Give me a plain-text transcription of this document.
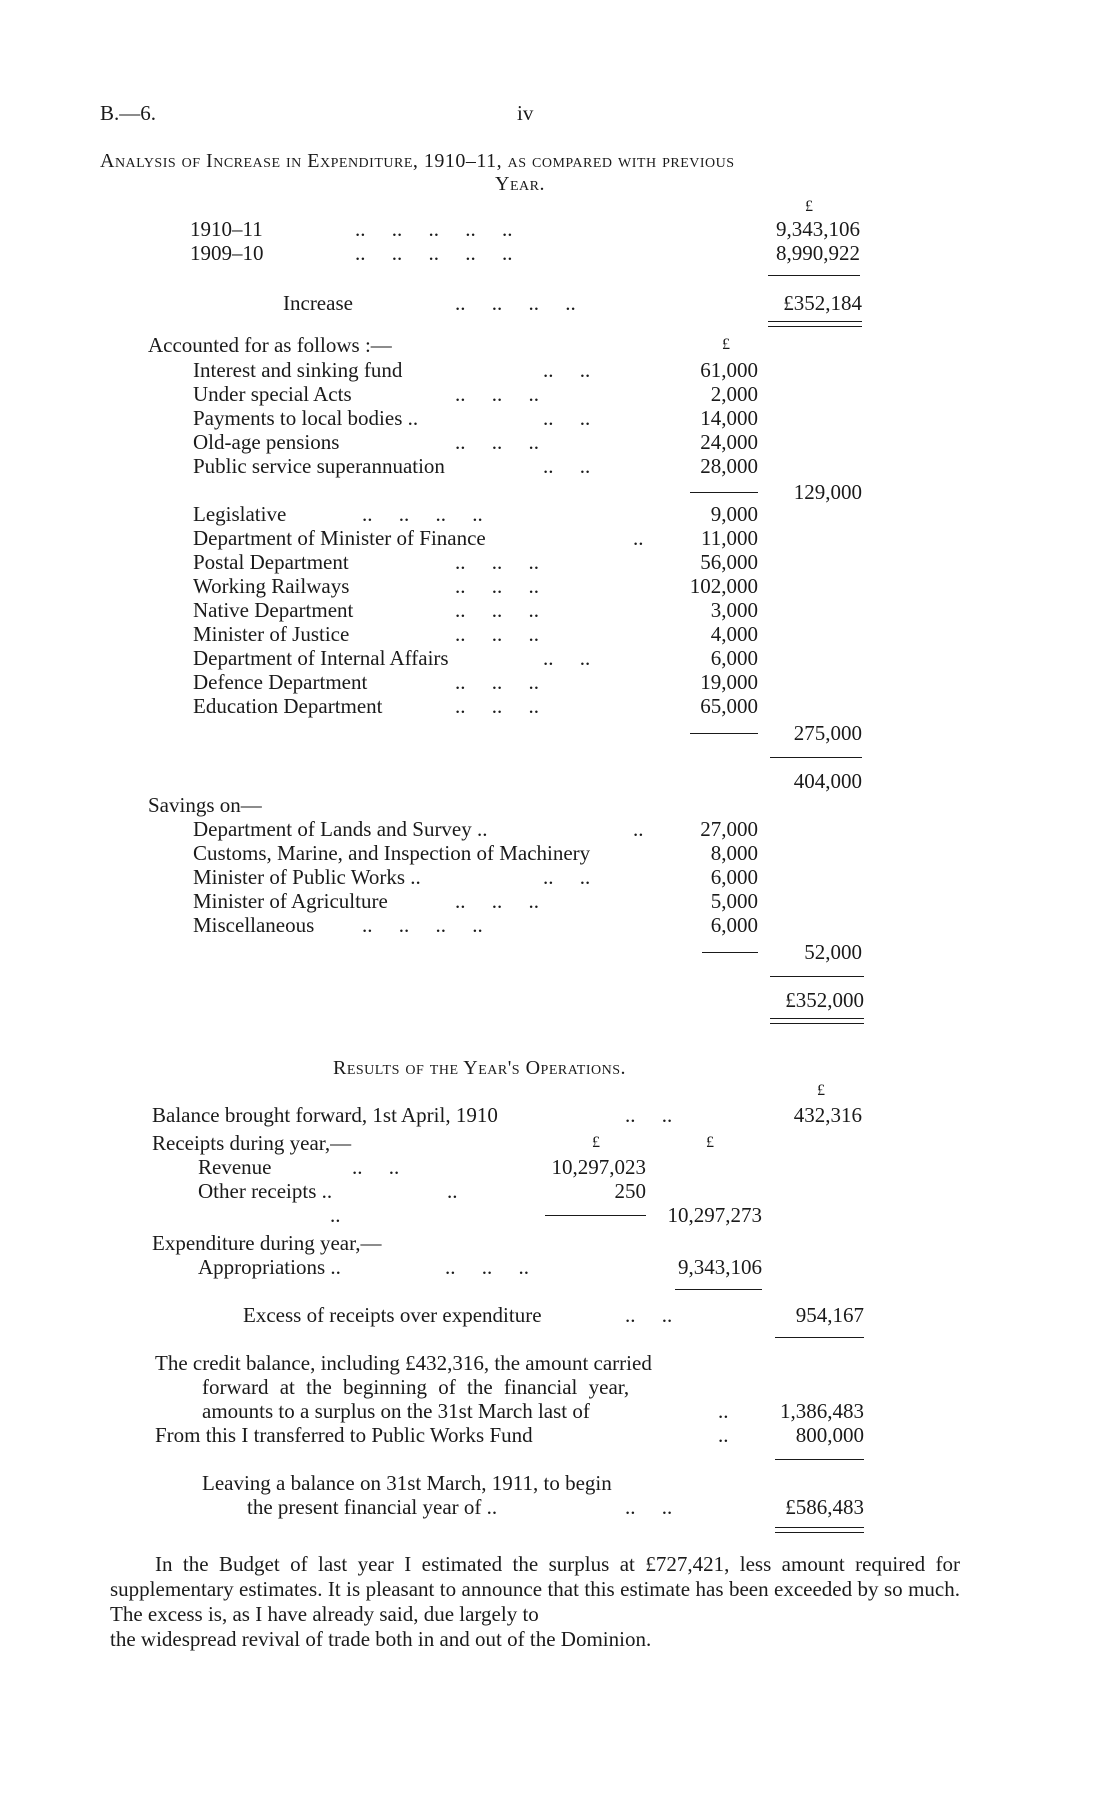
B.—6.	iv
Analysis of Increase in Expenditure, 1910–11, as compared with previous
Year.
£
1910–11	..     ..     ..     ..     ..	9,343,106
1909–10	..     ..     ..     ..     ..	8,990,922
Increase	..     ..     ..     ..	£352,184
Accounted for as follows :—	£
Interest and sinking fund	..     ..	61,000
Under special Acts	..     ..     ..	2,000
Payments to local bodies ..	..     ..	14,000
Old-age pensions	..     ..     ..	24,000
Public service superannuation	..     ..	28,000
129,000
Legislative	..     ..     ..     ..	9,000
Department of Minister of Finance	..	11,000
Postal Department	..     ..     ..	56,000
Working Railways	..     ..     ..	102,000
Native Department	..     ..     ..	3,000
Minister of Justice	..     ..     ..	4,000
Department of Internal Affairs	..     ..	6,000
Defence Department	..     ..     ..	19,000
Education Department	..     ..     ..	65,000
275,000
404,000
Savings on—
Department of Lands and Survey ..	..	27,000
Customs, Marine, and Inspection of Machinery	8,000
Minister of Public Works ..	..     ..	6,000
Minister of Agriculture	..     ..     ..	5,000
Miscellaneous ..     ..     ..     ..	6,000
52,000
£352,000
Results of the Year's Operations.
£
Balance brought forward, 1st April, 1910	..     ..	432,316
Receipts during year,—	£	£
Revenue	..     ..	10,297,023
Other receipts ..	..	250
..	10,297,273
Expenditure during year,—
Appropriations ..	..     ..     ..	9,343,106
Excess of receipts over expenditure	..     ..	954,167
The credit balance, including £432,316, the amount carried
forward at the beginning of the financial year,
amounts to a surplus on the 31st March last of	..	1,386,483
From this I transferred to Public Works Fund	..	800,000
Leaving a balance on 31st March, 1911, to begin
the present financial year of ..	..     ..	£586,483
In the Budget of last year I estimated the surplus at £727,421, less amount required for supplementary estimates. It is pleasant to announce that this estimate has been exceeded by so much. The excess is, as I have already said, due largely to
the widespread revival of trade both in and out of the Dominion.
